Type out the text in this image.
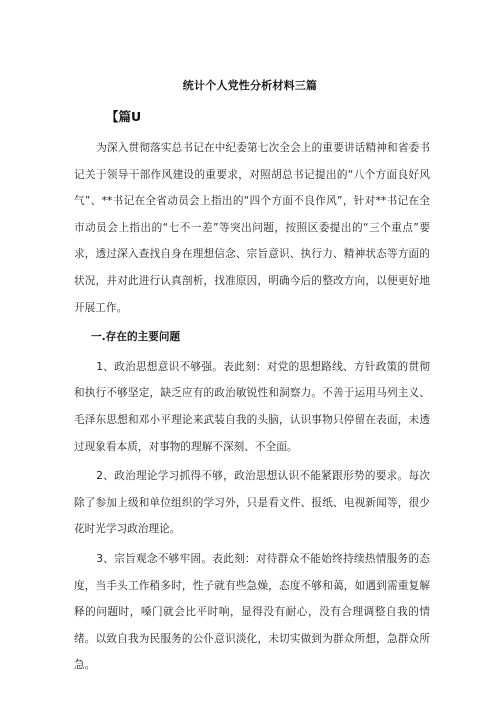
统计个人党性分析材料三篇
【篇U

为深入贯彻落实总书记在中纪委第七次全会上的重要讲话精神和省委书记关于领导干部作风建设的重要求，对照胡总书记提出的“八个方面良好风气”、**书记在全省动员会上指出的“四个方面不良作风”，针对**书记在全市动员会上指出的“七不一差”等突出问题，按照区委提出的“三个重点”要求，透过深入查找自身在理想信念、宗旨意识、执行力、精神状态等方面的状况，并对此进行认真剖析，找准原因，明确今后的整改方向，以便更好地开展工作。

一.存在的主要问题

1、政治思想意识不够强。表此刻：对党的思想路线、方针政策的贯彻和执行不够坚定，缺乏应有的政治敏锐性和洞察力。不善于运用马列主义、毛泽东思想和邓小平理论来武装自我的头脑，认识事物只停留在表面，未透过现象看本质，对事物的理解不深刻、不全面。

2、政治理论学习抓得不够，政治思想认识不能紧跟形势的要求。每次除了参加上级和单位组织的学习外，只是看文件、报纸、电视新闻等，很少花时光学习政治理论。

3、宗旨观念不够牢固。表此刻：对待群众不能始终持续热情服务的态度，当手头工作稍多时，性子就有些急燥，态度不够和蔼，如遇到需重复解释的问题时，嗓门就会比平时响，显得没有耐心，没有合理调整自我的情绪。以致自我为民服务的公仆意识淡化，未切实做到为群众所想，急群众所急。
